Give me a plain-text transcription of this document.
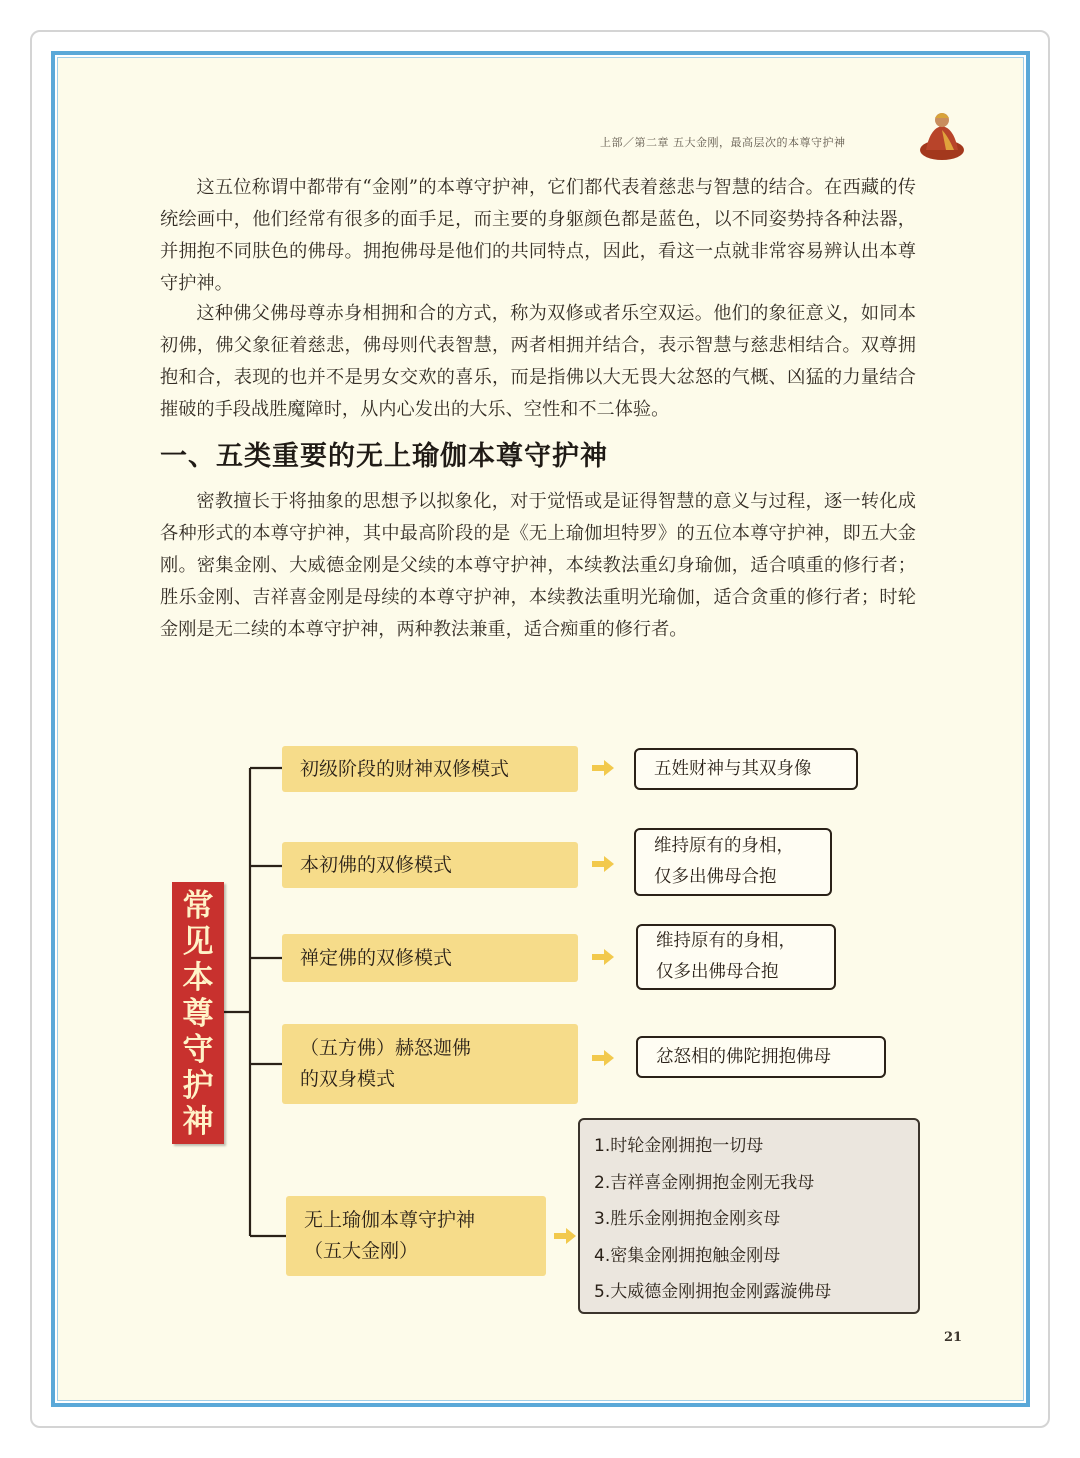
上部／第二章 五大金刚，最高层次的本尊守护神

这五位称谓中都带有“金刚”的本尊守护神，它们都代表着慈悲与智慧的结合。在西藏的传统绘画中，他们经常有很多的面手足，而主要的身躯颜色都是蓝色，以不同姿势持各种法器，并拥抱不同肤色的佛母。拥抱佛母是他们的共同特点，因此，看这一点就非常容易辨认出本尊守护神。

这种佛父佛母尊赤身相拥和合的方式，称为双修或者乐空双运。他们的象征意义，如同本初佛，佛父象征着慈悲，佛母则代表智慧，两者相拥并结合，表示智慧与慈悲相结合。双尊拥抱和合，表现的也并不是男女交欢的喜乐，而是指佛以大无畏大忿怒的气概、凶猛的力量结合摧破的手段战胜魔障时，从内心发出的大乐、空性和不二体验。

一、五类重要的无上瑜伽本尊守护神

密教擅长于将抽象的思想予以拟象化，对于觉悟或是证得智慧的意义与过程，逐一转化成各种形式的本尊守护神，其中最高阶段的是《无上瑜伽坦特罗》的五位本尊守护神，即五大金刚。密集金刚、大威德金刚是父续的本尊守护神，本续教法重幻身瑜伽，适合嗔重的修行者；胜乐金刚、吉祥喜金刚是母续的本尊守护神，本续教法重明光瑜伽，适合贪重的修行者；时轮金刚是无二续的本尊守护神，两种教法兼重，适合痴重的修行者。

常见本尊守护神
初级阶段的财神双修模式	五姓财神与其双身像
本初佛的双修模式
维持原有的身相，
仅多出佛母合抱
禅定佛的双修模式
维持原有的身相，
仅多出佛母合抱
（五方佛）赫怒迦佛
的双身模式
忿怒相的佛陀拥抱佛母
无上瑜伽本尊守护神
（五大金刚）
1.时轮金刚拥抱一切母
2.吉祥喜金刚拥抱金刚无我母
3.胜乐金刚拥抱金刚亥母
4.密集金刚拥抱触金刚母
5.大威德金刚拥抱金刚露漩佛母
21
